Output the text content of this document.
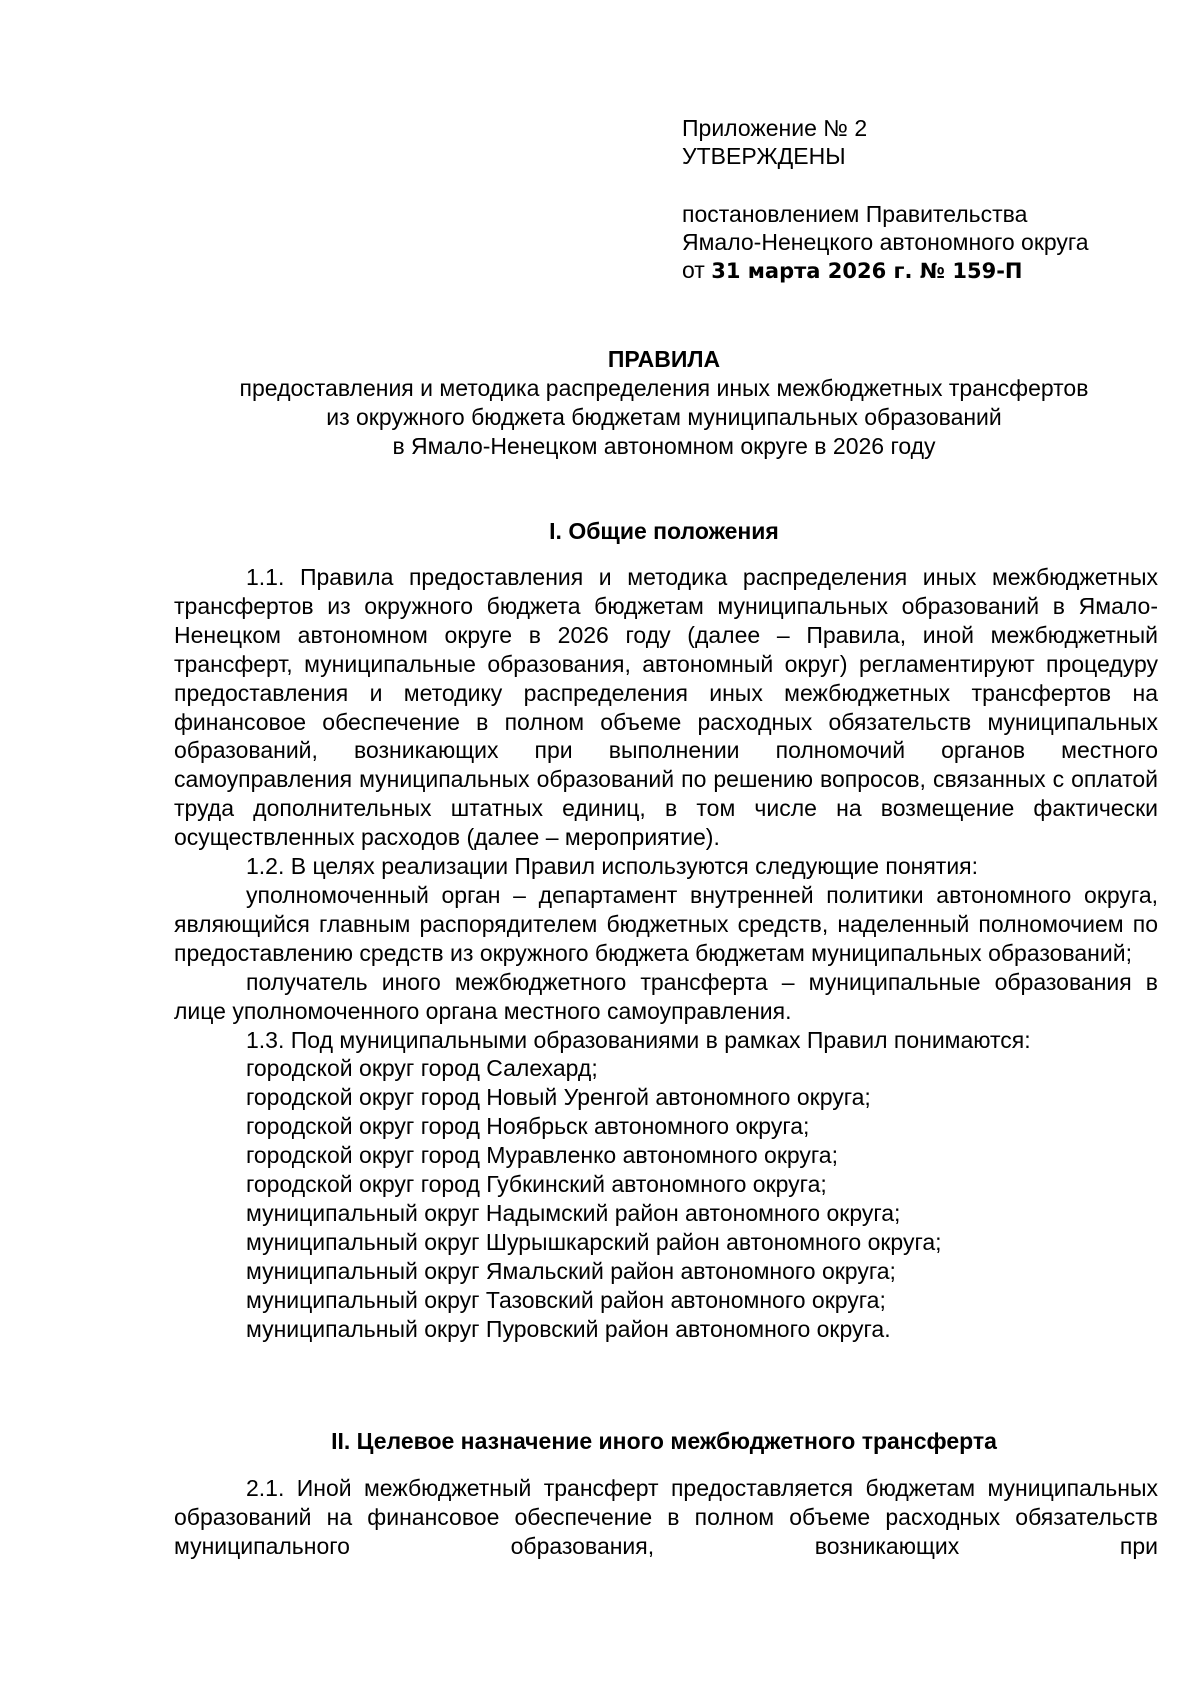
Приложение № 2
УТВЕРЖДЕНЫ
постановлением Правительства
Ямало-Ненецкого автономного округа
от 31 марта 2026 г. № 159-П
ПРАВИЛА
предоставления и методика распределения иных межбюджетных трансфертов
из окружного бюджета бюджетам муниципальных образований
в Ямало-Ненецком автономном округе в 2026 году
I. Общие положения

1.1. Правила предоставления и методика распределения иных межбюджетных трансфертов из окружного бюджета бюджетам муниципальных образований в Ямало-Ненецком автономном округе в 2026 году (далее – Правила, иной межбюджетный трансферт, муниципальные образования, автономный округ) регламентируют процедуру предоставления и методику распределения иных межбюджетных трансфертов на финансовое обеспечение в полном объеме расходных обязательств муниципальных образований, возникающих при выполнении полномочий органов местного самоуправления муниципальных образований по решению вопросов, связанных с оплатой труда дополнительных штатных единиц, в том числе на возмещение фактически осуществленных расходов (далее – мероприятие).

1.2. В целях реализации Правил используются следующие понятия:

уполномоченный орган – департамент внутренней политики автономного округа, являющийся главным распорядителем бюджетных средств, наделенный полномочием по предоставлению средств из окружного бюджета бюджетам муниципальных образований;

получатель иного межбюджетного трансферта – муниципальные образования в лице уполномоченного органа местного самоуправления.

1.3. Под муниципальными образованиями в рамках Правил понимаются:

городской округ город Салехард;

городской округ город Новый Уренгой автономного округа;

городской округ город Ноябрьск автономного округа;

городской округ город Муравленко автономного округа;

городской округ город Губкинский автономного округа;

муниципальный округ Надымский район автономного округа;

муниципальный округ Шурышкарский район автономного округа;

муниципальный округ Ямальский район автономного округа;

муниципальный округ Тазовский район автономного округа;

муниципальный округ Пуровский район автономного округа.

II. Целевое назначение иного межбюджетного трансферта

2.1. Иной межбюджетный трансферт предоставляется бюджетам муниципальных образований на финансовое обеспечение в полном объеме расходных обязательств муниципального образования, возникающих при
